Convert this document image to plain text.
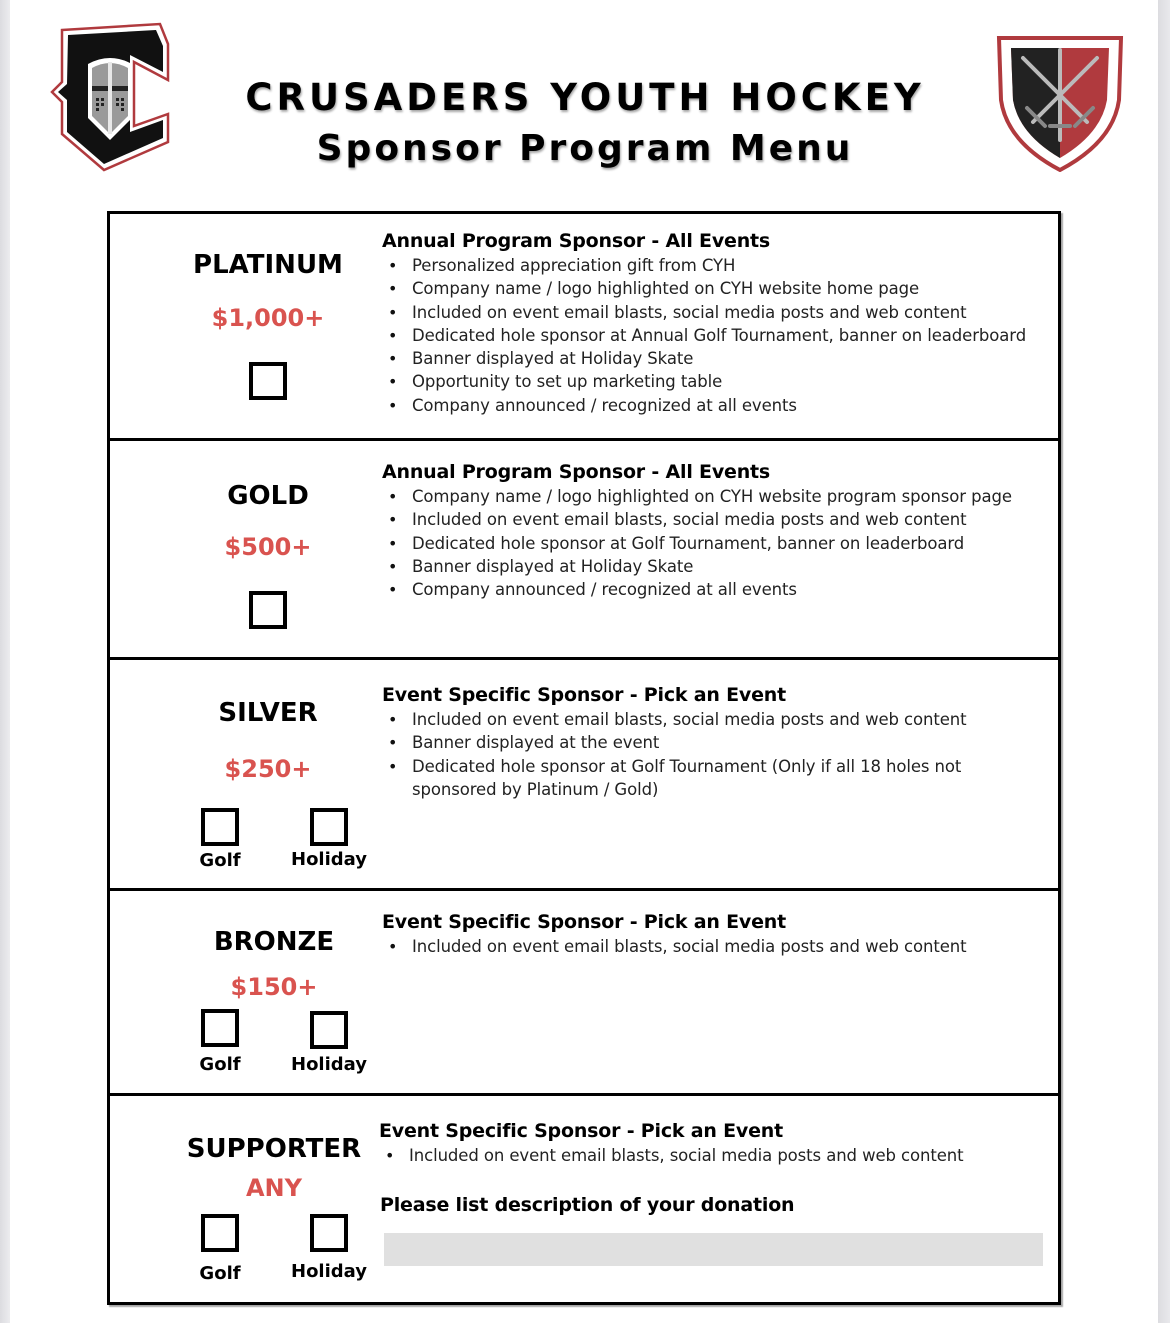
CRUSADERS YOUTH HOCKEY
Sponsor Program Menu
PLATINUM
$1,000+
Annual Program Sponsor - All Events
• Personalized appreciation gift from CYH
• Company name / logo highlighted on CYH website home page
• Included on event email blasts, social media posts and web content
• Dedicated hole sponsor at Annual Golf Tournament, banner on leaderboard
• Banner displayed at Holiday Skate
• Opportunity to set up marketing table
• Company announced / recognized at all events
GOLD
$500+
Annual Program Sponsor - All Events
• Company name / logo highlighted on CYH website program sponsor page
• Included on event email blasts, social media posts and web content
• Dedicated hole sponsor at Golf Tournament, banner on leaderboard
• Banner displayed at Holiday Skate
• Company announced / recognized at all events
SILVER
$250+
Golf	Holiday
Event Specific Sponsor - Pick an Event
• Included on event email blasts, social media posts and web content
• Banner displayed at the event
• Dedicated hole sponsor at Golf Tournament (Only if all 18 holes not sponsored by Platinum / Gold)
BRONZE
$150+
Golf	Holiday
Event Specific Sponsor - Pick an Event
• Included on event email blasts, social media posts and web content
SUPPORTER
ANY
Golf	Holiday
Event Specific Sponsor - Pick an Event
• Included on event email blasts, social media posts and web content
Please list description of your donation
